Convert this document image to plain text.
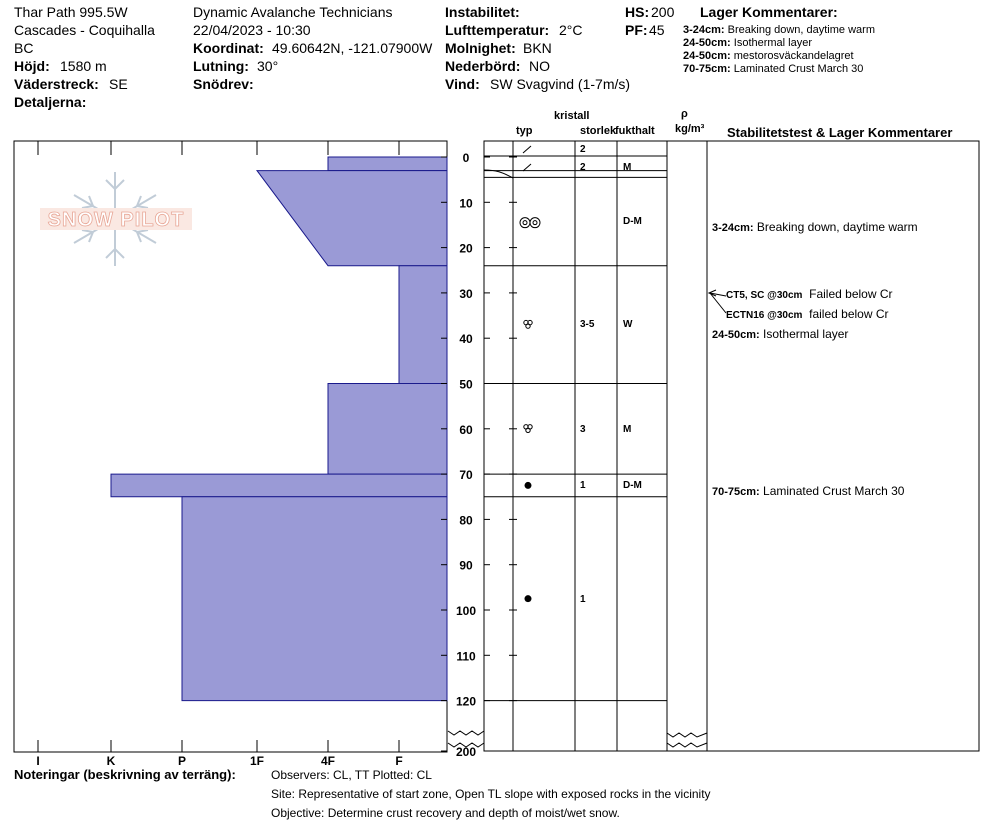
Thar Path 995.5W
Cascades - Coquihalla
BC
Höjd: 1580 m
Väderstreck: SE
Detaljerna:
Dynamic Avalanche Technicians
22/04/2023 - 10:30
Koordinat: 49.60642N, -121.07900W
Lutning: 30°
Snödrev:
Instabilitet:
Lufttemperatur: 2°C
Molnighet: BKN
Nederbörd: NO
Vind: SW Svagvind (1-7m/s)
HS: 200
PF: 45
Lager Kommentarer:
3-24cm: Breaking down, daytime warm
24-50cm: Isothermal layer
24-50cm: mestorosväckandelagret
70-75cm: Laminated Crust March 30
kristall
typ	storlek
fukthalt
ρ
kg/m³ Stabilitetstest & Lager Kommentarer
SNOW PILOT
0
10
20
30
40
50
60
70
80
90
100
110
120
200
I	K	P	1F	4F	F
2
2	M
D-M
3-5	W
3	M
1	D-M
1
3-24cm: Breaking down, daytime warm
CT5, SC @30cm Failed below Cr
ECTN16 @30cm failed below Cr
24-50cm: Isothermal layer
70-75cm: Laminated Crust March 30
Noteringar (beskrivning av terräng):	Observers: CL, TT Plotted: CL
Site: Representative of start zone, Open TL slope with exposed rocks in the vicinity
Objective: Determine crust recovery and depth of moist/wet snow.
